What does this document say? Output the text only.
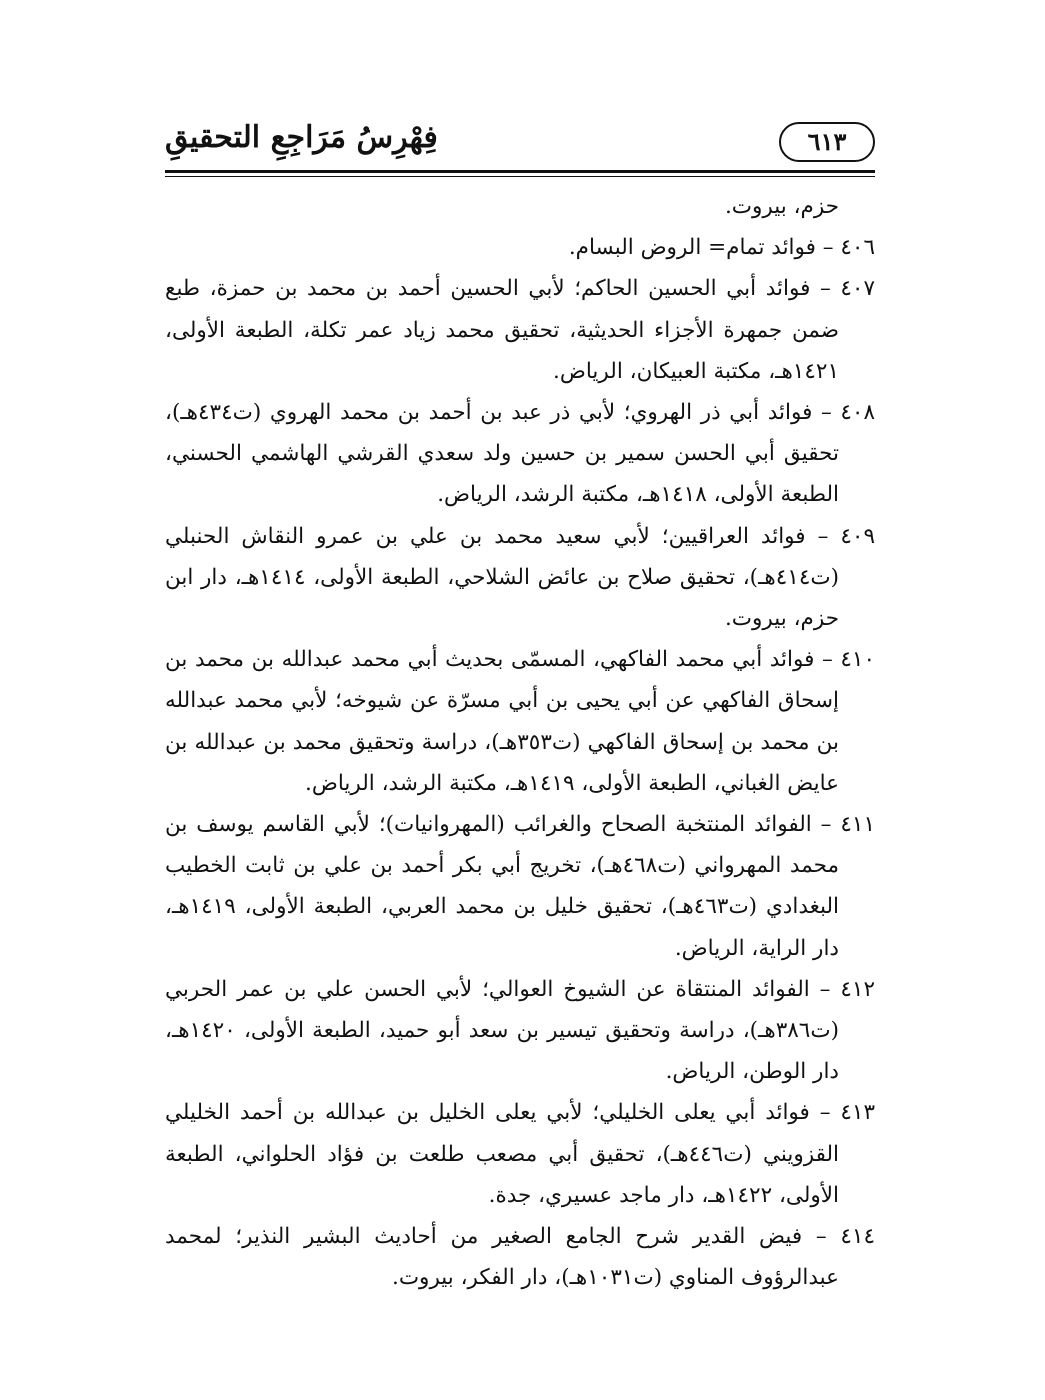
٦١٣
فِهْرِسُ مَرَاجِعِ التحقيقِ

حزم، بيروت.

٤٠٦ – فوائد تمام= الروض البسام.

٤٠٧ – فوائد أبي الحسين الحاكم؛ لأبي الحسين أحمد بن محمد بن حمزة، طبع ضمن جمهرة الأجزاء الحديثية، تحقيق محمد زياد عمر تكلة، الطبعة الأولى، ١٤٢١هـ، مكتبة العبيكان، الرياض.

٤٠٨ – فوائد أبي ذر الهروي؛ لأبي ذر عبد بن أحمد بن محمد الهروي (ت٤٣٤هـ)، تحقيق أبي الحسن سمير بن حسين ولد سعدي القرشي الهاشمي الحسني، الطبعة الأولى، ١٤١٨هـ، مكتبة الرشد، الرياض.

٤٠٩ – فوائد العراقيين؛ لأبي سعيد محمد بن علي بن عمرو النقاش الحنبلي (ت٤١٤هـ)، تحقيق صلاح بن عائض الشلاحي، الطبعة الأولى، ١٤١٤هـ، دار ابن حزم، بيروت.

٤١٠ – فوائد أبي محمد الفاكهي، المسمّى بحديث أبي محمد عبدالله بن محمد بن إسحاق الفاكهي عن أبي يحيى بن أبي مسرّة عن شيوخه؛ لأبي محمد عبدالله بن محمد بن إسحاق الفاكهي (ت٣٥٣هـ)، دراسة وتحقيق محمد بن عبدالله بن عايض الغباني، الطبعة الأولى، ١٤١٩هـ، مكتبة الرشد، الرياض.

٤١١ – الفوائد المنتخبة الصحاح والغرائب (المهروانيات)؛ لأبي القاسم يوسف بن محمد المهرواني (ت٤٦٨هـ)، تخريج أبي بكر أحمد بن علي بن ثابت الخطيب البغدادي (ت٤٦٣هـ)، تحقيق خليل بن محمد العربي، الطبعة الأولى، ١٤١٩هـ، دار الراية، الرياض.

٤١٢ – الفوائد المنتقاة عن الشيوخ العوالي؛ لأبي الحسن علي بن عمر الحربي (ت٣٨٦هـ)، دراسة وتحقيق تيسير بن سعد أبو حميد، الطبعة الأولى، ١٤٢٠هـ، دار الوطن، الرياض.

٤١٣ – فوائد أبي يعلى الخليلي؛ لأبي يعلى الخليل بن عبدالله بن أحمد الخليلي القزويني (ت٤٤٦هـ)، تحقيق أبي مصعب طلعت بن فؤاد الحلواني، الطبعة الأولى، ١٤٢٢هـ، دار ماجد عسيري، جدة.

٤١٤ – فيض القدير شرح الجامع الصغير من أحاديث البشير النذير؛ لمحمد عبدالرؤوف المناوي (ت١٠٣١هـ)، دار الفكر، بيروت.
